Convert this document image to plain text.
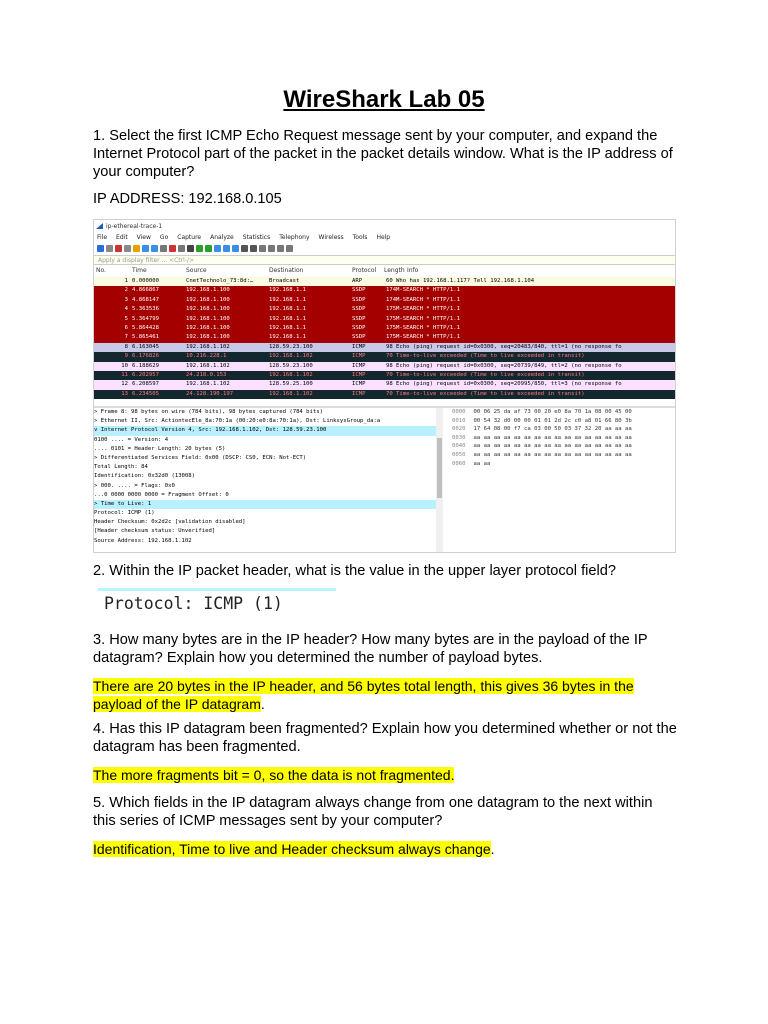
WireShark Lab 05
1. Select the first ICMP Echo Request message sent by your computer, and expand the Internet Protocol part of the packet in the packet details window. What is the IP address of your computer?
IP ADDRESS: 192.168.0.105
ip-ethereal-trace-1
File Edit View Go Capture Analyze Statistics Telephony Wireless Tools Help
Apply a display filter ... <Ctrl-/>
No.	Time	Source	Destination	Protocol Length Info
1 0.000000	CnetTechnolo_73:8d:…	Broadcast	ARP	60 Who has 192.168.1.117? Tell 192.168.1.104
2 4.866867	192.168.1.100	192.168.1.1	SSDP	174 M-SEARCH * HTTP/1.1
3 4.868147	192.168.1.100	192.168.1.1	SSDP	174 M-SEARCH * HTTP/1.1
4 5.363536	192.168.1.100	192.168.1.1	SSDP	175 M-SEARCH * HTTP/1.1
5 5.364799	192.168.1.100	192.168.1.1	SSDP	175 M-SEARCH * HTTP/1.1
6 5.864428	192.168.1.100	192.168.1.1	SSDP	175 M-SEARCH * HTTP/1.1
7 5.865461	192.168.1.100	192.168.1.1	SSDP	175 M-SEARCH * HTTP/1.1
8 6.163045	192.168.1.102	128.59.23.100	ICMP	98 Echo (ping) request id=0x0300, seq=20483/840, ttl=1 (no response fo
9 6.176826	10.216.228.1	192.168.1.102	ICMP	70 Time-to-live exceeded (Time to live exceeded in transit)
10 6.188629	192.168.1.102	128.59.23.100	ICMP	98 Echo (ping) request id=0x0300, seq=20739/849, ttl=2 (no response fo
11 6.202957	24.218.0.153	192.168.1.102	ICMP	70 Time-to-live exceeded (Time to live exceeded in transit)
12 6.208597	192.168.1.102	128.59.25.100	ICMP	98 Echo (ping) request id=0x0300, seq=20995/850, ttl=3 (no response fo
13 6.234505	24.128.190.197	192.168.1.102	ICMP	70 Time-to-live exceeded (Time to live exceeded in transit)
> Frame 8: 98 bytes on wire (784 bits), 98 bytes captured (784 bits)
> Ethernet II, Src: ActiontecEle_8a:70:1a (00:20:e0:8a:70:1a), Dst: LinksysGroup_da:a
v Internet Protocol Version 4, Src: 192.168.1.102, Dst: 128.59.23.100
0100 .... = Version: 4
.... 0101 = Header Length: 20 bytes (5)
> Differentiated Services Field: 0x00 (DSCP: CS0, ECN: Not-ECT)
Total Length: 84
Identification: 0x32d0 (13008)
> 000. .... = Flags: 0x0
...0 0000 0000 0000 = Fragment Offset: 0
> Time to Live: 1
Protocol: ICMP (1)
Header Checksum: 0x2d2c [validation disabled]
[Header checksum status: Unverified]
Source Address: 192.168.1.102
0000 00 06 25 da af 73 00 20 e0 8a 70 1a 08 00 45 00
0010 00 54 32 d0 00 00 01 01 2d 2c c0 a8 01 66 80 3b
0020 17 64 08 00 f7 ca 03 00 50 03 37 32 20 aa aa aa
0030 aa aa aa aa aa aa aa aa aa aa aa aa aa aa aa aa
0040 aa aa aa aa aa aa aa aa aa aa aa aa aa aa aa aa
0050 aa aa aa aa aa aa aa aa aa aa aa aa aa aa aa aa
0060 aa aa
2. Within the IP packet header, what is the value in the upper layer protocol field?
Protocol: ICMP (1)
3. How many bytes are in the IP header? How many bytes are in the payload of the IP datagram? Explain how you determined the number of payload bytes.
There are 20 bytes in the IP header, and 56 bytes total length, this gives 36 bytes in the payload of the IP datagram.
4. Has this IP datagram been fragmented? Explain how you determined whether or not the datagram has been fragmented.
The more fragments bit = 0, so the data is not fragmented.
5. Which fields in the IP datagram always change from one datagram to the next within this series of ICMP messages sent by your computer?
Identification, Time to live and Header checksum always change.
